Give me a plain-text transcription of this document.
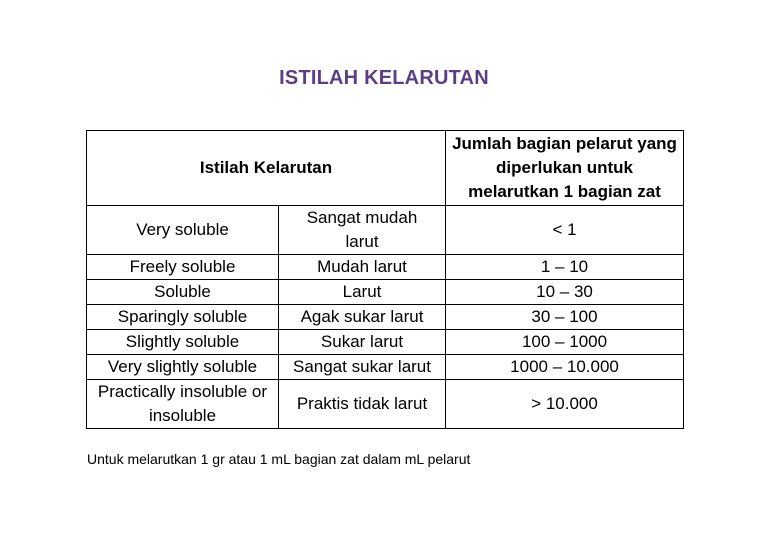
ISTILAH KELARUTAN
Istilah Kelarutan		Jumlah bagian pelarut yang diperlukan untuk melarutkan 1 bagian zat
Very soluble	Sangat mudah larut	< 1
Freely soluble	Mudah larut	1 – 10
Soluble	Larut	10 – 30
Sparingly soluble	Agak sukar larut	30 – 100
Slightly soluble	Sukar larut	100 – 1000
Very slightly soluble	Sangat sukar larut	1000 – 10.000
Practically insoluble or insoluble	Praktis tidak larut	> 10.000
Untuk melarutkan 1 gr atau 1 mL bagian zat dalam mL pelarut
